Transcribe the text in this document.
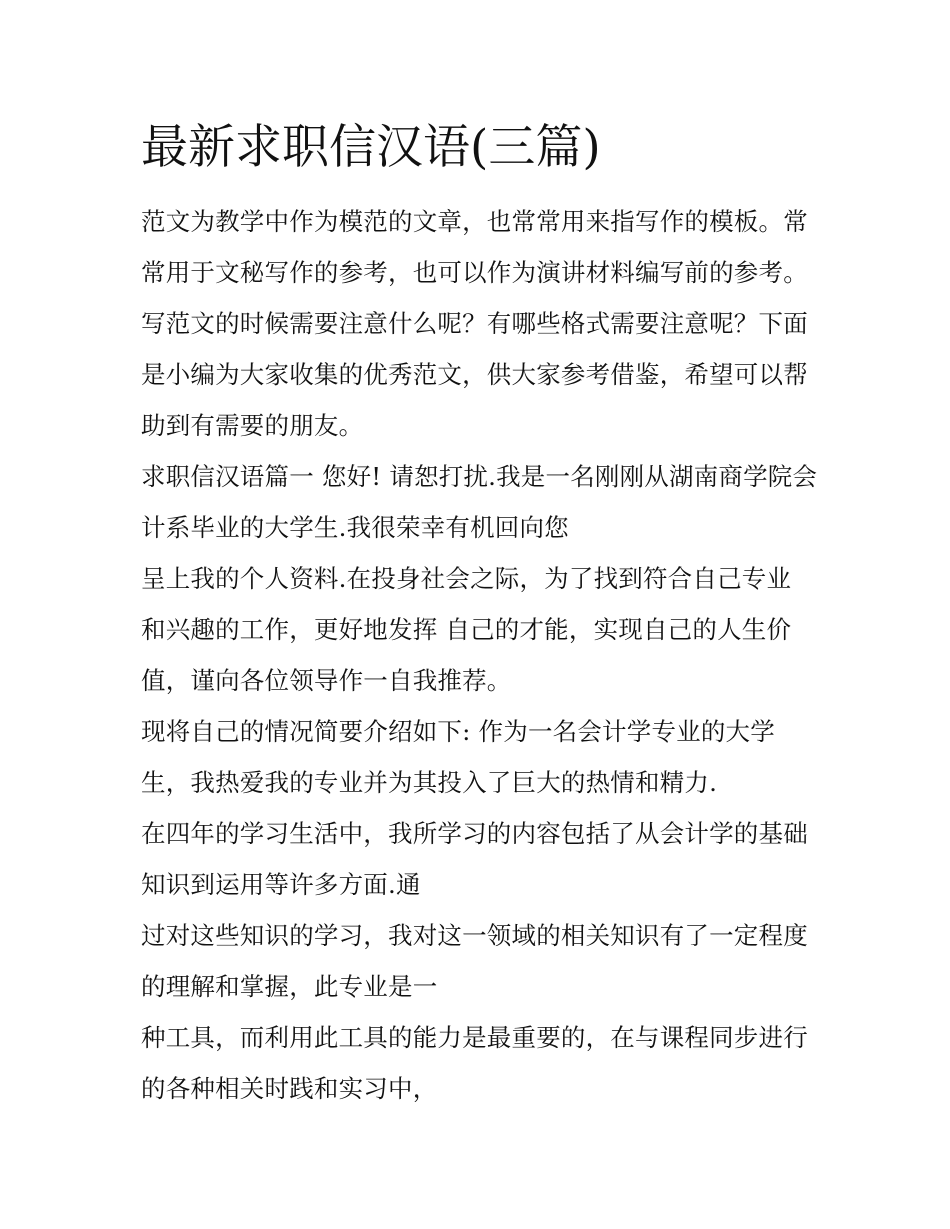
最新求职信汉语(三篇)

范文为教学中作为模范的文章，也常常用来指写作的模板。常

常用于文秘写作的参考，也可以作为演讲材料编写前的参考。

写范文的时候需要注意什么呢？有哪些格式需要注意呢？下面

是小编为大家收集的优秀范文，供大家参考借鉴，希望可以帮

助到有需要的朋友。

求职信汉语篇一 您好! 请恕打扰.我是一名刚刚从湖南商学院会

计系毕业的大学生.我很荣幸有机回向您

呈上我的个人资料.在投身社会之际，为了找到符合自己专业

和兴趣的工作，更好地发挥 自己的才能，实现自己的人生价

值，谨向各位领导作一自我推荐。

现将自己的情况简要介绍如下: 作为一名会计学专业的大学

生，我热爱我的专业并为其投入了巨大的热情和精力.

在四年的学习生活中，我所学习的内容包括了从会计学的基础

知识到运用等许多方面.通

过对这些知识的学习，我对这一领域的相关知识有了一定程度

的理解和掌握，此专业是一

种工具，而利用此工具的能力是最重要的，在与课程同步进行

的各种相关时践和实习中，
